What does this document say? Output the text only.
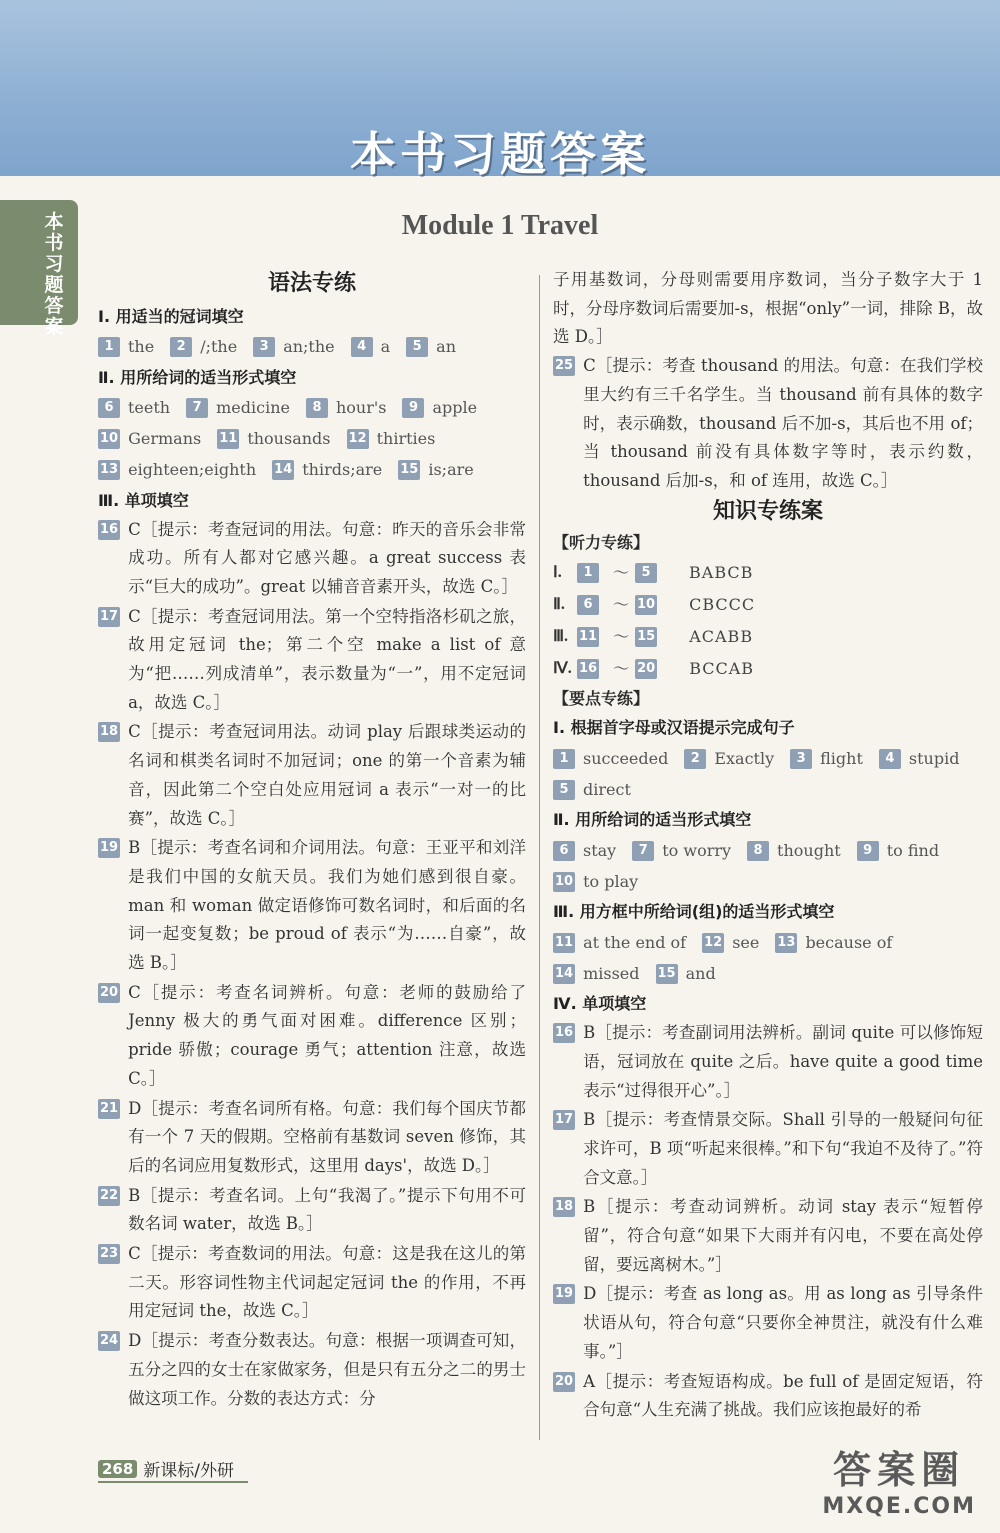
本书习题答案
本书习题答案
Module 1 Travel
语法专练
Ⅰ. 用适当的冠词填空
1 the	2 /;the	3 an;the	4 a	5 an
Ⅱ. 用所给词的适当形式填空
6 teeth	7 medicine	8 hour's	9 apple
10 Germans 11 thousands 12 thirties
13 eighteen;eighth 14 thirds;are 15 is;are
Ⅲ. 单项填空
16 C［提示：考查冠词的用法。句意：昨天的音乐会非常成功。所有人都对它感兴趣。a great success 表示“巨大的成功”。great 以辅音音素开头，故选 C。］

17 C［提示：考查冠词用法。第一个空特指洛杉矶之旅，故用定冠词 the；第二个空 make a list of 意为“把……列成清单”，表示数量为“一”，用不定冠词 a，故选 C。］

18 C［提示：考查冠词用法。动词 play 后跟球类运动的名词和棋类名词时不加冠词；one 的第一个音素为辅音，因此第二个空白处应用冠词 a 表示“一对一的比赛”，故选 C。］

19 B［提示：考查名词和介词用法。句意：王亚平和刘洋是我们中国的女航天员。我们为她们感到很自豪。man 和 woman 做定语修饰可数名词时，和后面的名词一起变复数；be proud of 表示“为……自豪”，故选 B。］

20 C［提示：考查名词辨析。句意：老师的鼓励给了 Jenny 极大的勇气面对困难。difference 区别；pride 骄傲；courage 勇气；attention 注意，故选 C。］

21 D［提示：考查名词所有格。句意：我们每个国庆节都有一个 7 天的假期。空格前有基数词 seven 修饰，其后的名词应用复数形式，这里用 days'，故选 D。］

22 B［提示：考查名词。上句“我渴了。”提示下句用不可数名词 water，故选 B。］

23 C［提示：考查数词的用法。句意：这是我在这儿的第二天。形容词性物主代词起定冠词 the 的作用，不再用定冠词 the，故选 C。］

24 D［提示：考查分数表达。句意：根据一项调查可知，五分之四的女士在家做家务，但是只有五分之二的男士做这项工作。分数的表达方式：分

子用基数词，分母则需要用序数词，当分子数字大于 1 时，分母序数词后需要加-s，根据“only”一词，排除 B，故选 D。］

25 C［提示：考查 thousand 的用法。句意：在我们学校里大约有三千名学生。当 thousand 前有具体的数字时，表示确数，thousand 后不加-s，其后也不用 of；当 thousand 前没有具体数字等时，表示约数，thousand 后加-s，和 of 连用，故选 C。］

知识专练案
【听力专练】
Ⅰ.	1	～ 5	BABCB
Ⅱ.	6	～ 10 CBCCC
Ⅲ. 11 ～ 15 ACABB
Ⅳ. 16 ～ 20 BCCAB
【要点专练】
Ⅰ. 根据首字母或汉语提示完成句子
1 succeeded	2 Exactly	3 flight	4 stupid
5 direct
Ⅱ. 用所给词的适当形式填空
6 stay	7 to worry	8 thought	9 to find
10 to play
Ⅲ. 用方框中所给词(组)的适当形式填空
11 at the end of 12 see 13 because of
14 missed 15 and
Ⅳ. 单项填空
16 B［提示：考查副词用法辨析。副词 quite 可以修饰短语，冠词放在 quite 之后。have quite a good time 表示“过得很开心”。］

17 B［提示：考查情景交际。Shall 引导的一般疑问句征求许可，B 项“听起来很棒。”和下句“我迫不及待了。”符合文意。］

18 B［提示：考查动词辨析。动词 stay 表示“短暂停留”，符合句意“如果下大雨并有闪电，不要在高处停留，要远离树木。”］

19 D［提示：考查 as long as。用 as long as 引导条件状语从句，符合句意“只要你全神贯注，就没有什么难事。”］

20 A［提示：考查短语构成。be full of 是固定短语，符合句意“人生充满了挑战。我们应该抱最好的希

268 新课标/外研	答案圈
MXQE.COM
